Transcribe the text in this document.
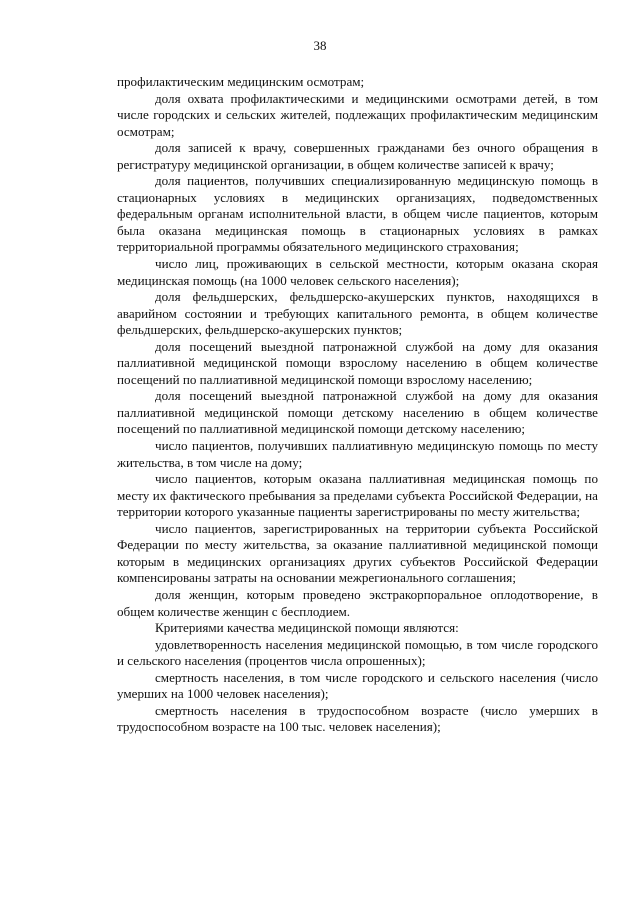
38

профилактическим медицинским осмотрам;

доля охвата профилактическими и медицинскими осмотрами детей, в том числе городских и сельских жителей, подлежащих профилактическим медицинским осмотрам;

доля записей к врачу, совершенных гражданами без очного обращения в регистратуру медицинской организации, в общем количестве записей к врачу;

доля пациентов, получивших специализированную медицинскую помощь в стационарных условиях в медицинских организациях, подведомственных федеральным органам исполнительной власти, в общем числе пациентов, которым была оказана медицинская помощь в стационарных условиях в рамках территориальной программы обязательного медицинского страхования;

число лиц, проживающих в сельской местности, которым оказана скорая медицинская помощь (на 1000 человек сельского населения);

доля фельдшерских, фельдшерско-акушерских пунктов, находящихся в аварийном состоянии и требующих капитального ремонта, в общем количестве фельдшерских, фельдшерско-акушерских пунктов;

доля посещений выездной патронажной службой на дому для оказания паллиативной медицинской помощи взрослому населению в общем количестве посещений по паллиативной медицинской помощи взрослому населению;

доля посещений выездной патронажной службой на дому для оказания паллиативной медицинской помощи детскому населению в общем количестве посещений по паллиативной медицинской помощи детскому населению;

число пациентов, получивших паллиативную медицинскую помощь по месту жительства, в том числе на дому;

число пациентов, которым оказана паллиативная медицинская помощь по месту их фактического пребывания за пределами субъекта Российской Федерации, на территории которого указанные пациенты зарегистрированы по месту жительства;

число пациентов, зарегистрированных на территории субъекта Российской Федерации по месту жительства, за оказание паллиативной медицинской помощи которым в медицинских организациях других субъектов Российской Федерации компенсированы затраты на основании межрегионального соглашения;

доля женщин, которым проведено экстракорпоральное оплодотворение, в общем количестве женщин с бесплодием.

Критериями качества медицинской помощи являются:

удовлетворенность населения медицинской помощью, в том числе городского и сельского населения (процентов числа опрошенных);

смертность населения, в том числе городского и сельского населения (число умерших на 1000 человек населения);

смертность населения в трудоспособном возрасте (число умерших в трудоспособном возрасте на 100 тыс. человек населения);
